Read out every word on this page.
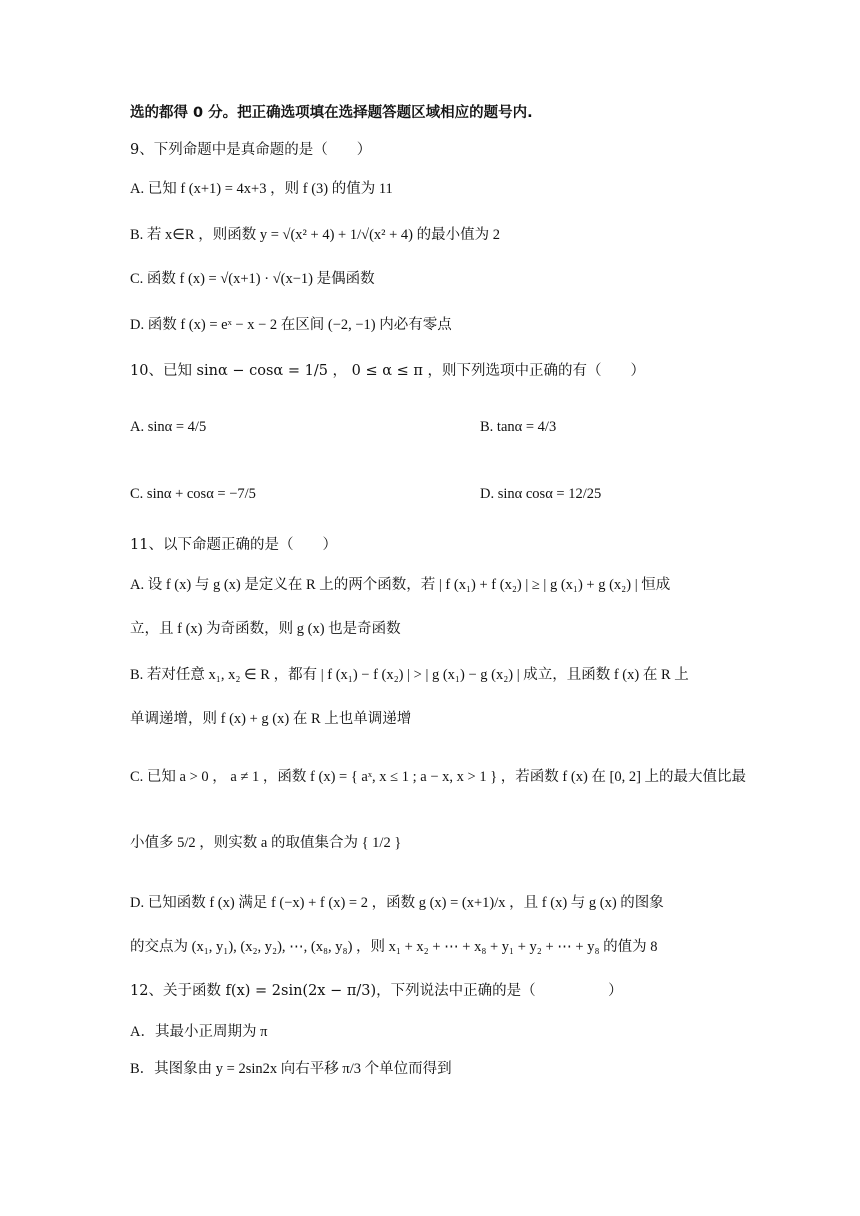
选的都得 0 分。把正确选项填在选择题答题区域相应的题号内.
9、下列命题中是真命题的是（　　）
A. 已知 f (x+1) = 4x+3 ，则 f (3) 的值为 11
B. 若 x∈R ，则函数 y = √(x² + 4) + 1/√(x² + 4) 的最小值为 2
C. 函数 f (x) = √(x+1) · √(x−1) 是偶函数
D. 函数 f (x) = eˣ − x − 2 在区间 (−2, −1) 内必有零点
10、已知 sinα − cosα = 1/5 ， 0 ≤ α ≤ π ，则下列选项中正确的有（　　）
A. sinα = 4/5	B. tanα = 4/3
C. sinα + cosα = −7/5	D. sinα cosα = 12/25
11、以下命题正确的是（　　）
A. 设 f (x) 与 g (x) 是定义在 R 上的两个函数，若 | f (x₁) + f (x₂) | ≥ | g (x₁) + g (x₂) | 恒成
立，且 f (x) 为奇函数，则 g (x) 也是奇函数
B. 若对任意 x₁, x₂ ∈ R ，都有 | f (x₁) − f (x₂) | > | g (x₁) − g (x₂) | 成立，且函数 f (x) 在 R 上
单调递增，则 f (x) + g (x) 在 R 上也单调递增
C. 已知 a > 0 ， a ≠ 1 ，函数 f (x) = { aˣ, x ≤ 1 ; a − x, x > 1 } ，若函数 f (x) 在 [0, 2] 上的最大值比最
小值多 5/2 ，则实数 a 的取值集合为 { 1/2 }
D. 已知函数 f (x) 满足 f (−x) + f (x) = 2 ，函数 g (x) = (x+1)/x ，且 f (x) 与 g (x) 的图象
的交点为 (x₁, y₁), (x₂, y₂), ⋯, (x₈, y₈) ，则 x₁ + x₂ + ⋯ + x₈ + y₁ + y₂ + ⋯ + y₈ 的值为 8
12、关于函数 f(x) = 2sin(2x − π/3)，下列说法中正确的是（　　　　　）
A．其最小正周期为 π
B．其图象由 y = 2sin2x 向右平移 π/3 个单位而得到
